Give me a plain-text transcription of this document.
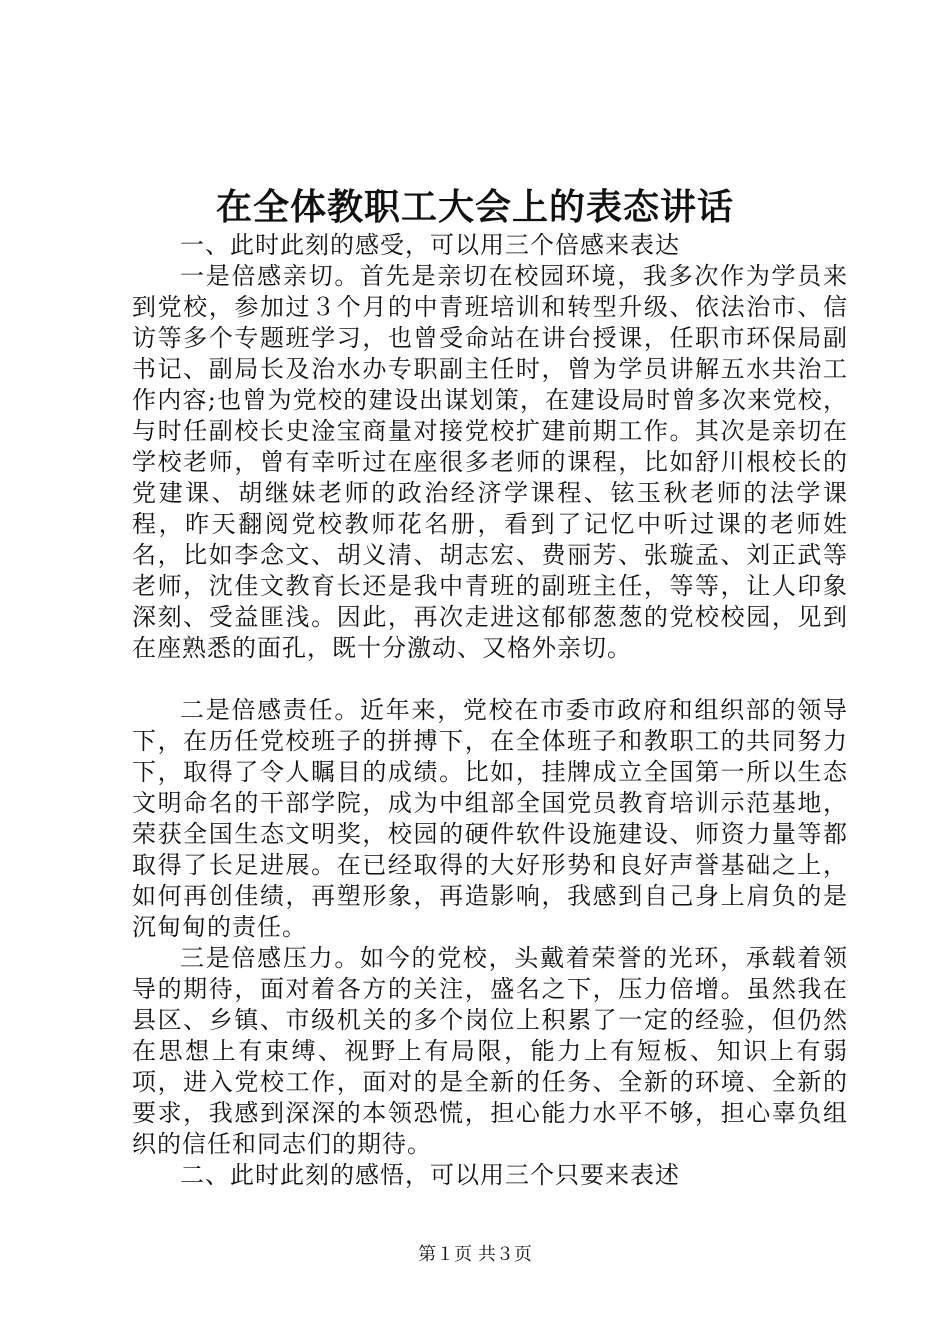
在全体教职工大会上的表态讲话

一、此时此刻的感受，可以用三个倍感来表达

一是倍感亲切。首先是亲切在校园环境，我多次作为学员来到党校，参加过３个月的中青班培训和转型升级、依法治市、信访等多个专题班学习，也曾受命站在讲台授课，任职市环保局副书记、副局长及治水办专职副主任时，曾为学员讲解五水共治工作内容;也曾为党校的建设出谋划策，在建设局时曾多次来党校，与时任副校长史淦宝商量对接党校扩建前期工作。其次是亲切在学校老师，曾有幸听过在座很多老师的课程，比如舒川根校长的党建课、胡继妹老师的政治经济学课程、铉玉秋老师的法学课程，昨天翻阅党校教师花名册，看到了记忆中听过课的老师姓名，比如李念文、胡义清、胡志宏、费丽芳、张璇孟、刘正武等老师，沈佳文教育长还是我中青班的副班主任，等等，让人印象深刻、受益匪浅。因此，再次走进这郁郁葱葱的党校校园，见到在座熟悉的面孔，既十分激动、又格外亲切。

二是倍感责任。近年来，党校在市委市政府和组织部的领导下，在历任党校班子的拼搏下，在全体班子和教职工的共同努力下，取得了令人瞩目的成绩。比如，挂牌成立全国第一所以生态文明命名的干部学院，成为中组部全国党员教育培训示范基地，荣获全国生态文明奖，校园的硬件软件设施建设、师资力量等都取得了长足进展。在已经取得的大好形势和良好声誉基础之上，如何再创佳绩，再塑形象，再造影响，我感到自己身上肩负的是沉甸甸的责任。

三是倍感压力。如今的党校，头戴着荣誉的光环，承载着领导的期待，面对着各方的关注，盛名之下，压力倍增。虽然我在县区、乡镇、市级机关的多个岗位上积累了一定的经验，但仍然在思想上有束缚、视野上有局限，能力上有短板、知识上有弱项，进入党校工作，面对的是全新的任务、全新的环境、全新的要求，我感到深深的本领恐慌，担心能力水平不够，担心辜负组织的信任和同志们的期待。

二、此时此刻的感悟，可以用三个只要来表述

第１页 共３页
